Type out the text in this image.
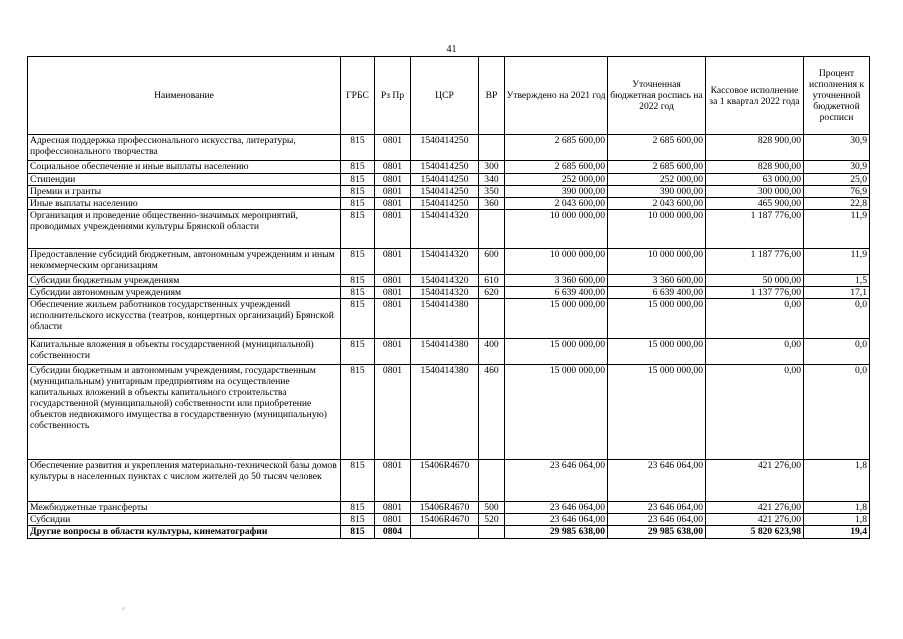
41
Наименование	ГРБС	Рз Пр	ЦСР	ВР	Утверждено на 2021 год	Уточненная бюджетная роспись на 2022 год	Кассовое исполнение за 1 квартал 2022 года	Процент исполнения к уточненной бюджетной росписи
Адресная поддержка профессионального искусства, литературы, профессионального творчества	815	0801	1540414250		2 685 600,00	2 685 600,00	828 900,00	30,9
Социальное обеспечение и иные выплаты населению	815	0801	1540414250	300	2 685 600,00	2 685 600,00	828 900,00	30,9
Стипендии	815	0801	1540414250	340	252 000,00	252 000,00	63 000,00	25,0
Премии и гранты	815	0801	1540414250	350	390 000,00	390 000,00	300 000,00	76,9
Иные выплаты населению	815	0801	1540414250	360	2 043 600,00	2 043 600,00	465 900,00	22,8
Организация и проведение общественно-значимых мероприятий, проводимых учреждениями культуры Брянской области	815	0801	1540414320		10 000 000,00	10 000 000,00	1 187 776,00	11,9
Предоставление субсидий бюджетным, автономным учреждениям и иным некоммерческим организациям	815	0801	1540414320	600	10 000 000,00	10 000 000,00	1 187 776,00	11,9
Субсидии бюджетным учреждениям	815	0801	1540414320	610	3 360 600,00	3 360 600,00	50 000,00	1,5
Субсидии автономным учреждениям	815	0801	1540414320	620	6 639 400,00	6 639 400,00	1 137 776,00	17,1
Обеспечение жильем работников государственных учреждений исполнительского искусства (театров, концертных организаций) Брянской области	815	0801	1540414380		15 000 000,00	15 000 000,00	0,00	0,0
Капитальные вложения в объекты государственной (муниципальной) собственности	815	0801	1540414380	400	15 000 000,00	15 000 000,00	0,00	0,0
Субсидии бюджетным и автономным учреждениям, государственным (муниципальным) унитарным предприятиям на осуществление капитальных вложений в объекты капитального строительства государственной (муниципальной) собственности или приобретение объектов недвижимого имущества в государственную (муниципальную) собственность	815	0801	1540414380	460	15 000 000,00	15 000 000,00	0,00	0,0
Обеспечение развития и укрепления материально-технической базы домов культуры в населенных пунктах с числом жителей до 50 тысяч человек	815	0801	15406R4670		23 646 064,00	23 646 064,00	421 276,00	1,8
Межбюджетные трансферты	815	0801	15406R4670	500	23 646 064,00	23 646 064,00	421 276,00	1,8
Субсидии	815	0801	15406R4670	520	23 646 064,00	23 646 064,00	421 276,00	1,8
Другие вопросы в области культуры, кинематографии	815	0804			29 985 638,00	29 985 638,00	5 820 623,98	19,4
